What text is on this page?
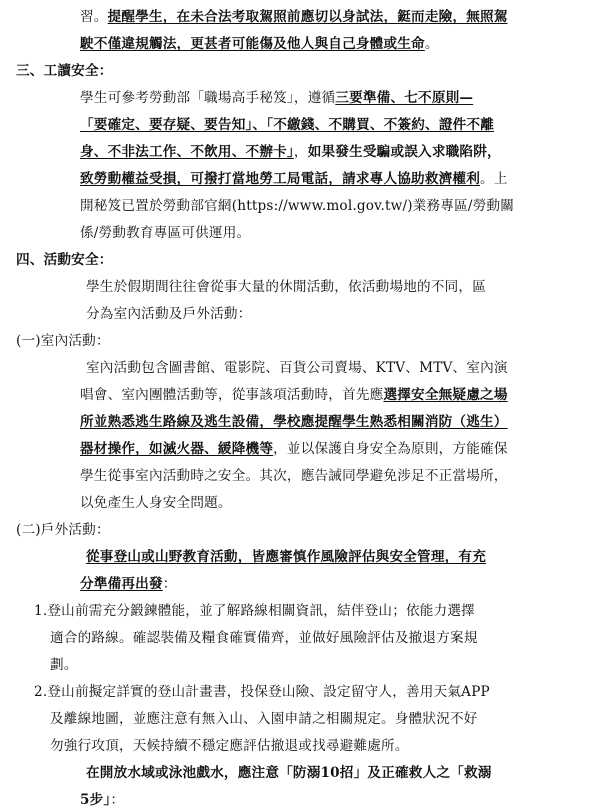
習。提醒學生，在未合法考取駕照前應切以身試法，鋌而走險，無照駕
駛不僅違規觸法，更甚者可能傷及他人與自己身體或生命。
三、工讀安全：
學生可參考勞動部「職場高手秘笈」，遵循三要準備、七不原則—
「要確定、要存疑、要告知」、「不繳錢、不購買、不簽約、證件不離
身、不非法工作、不飲用、不辦卡」，如果發生受騙或誤入求職陷阱，
致勞動權益受損，可撥打當地勞工局電話，請求專人協助救濟權利。上
開秘笈已置於勞動部官網(https://www.mol.gov.tw/)業務專區/勞動關
係/勞動教育專區可供運用。
四、活動安全：
學生於假期間往往會從事大量的休閒活動，依活動場地的不同，區
分為室內活動及戶外活動：
(一)室內活動：
室內活動包含圖書館、電影院、百貨公司賣場、KTV、MTV、室內演
唱會、室內團體活動等，從事該項活動時，首先應選擇安全無疑慮之場
所並熟悉逃生路線及逃生設備，學校應提醒學生熟悉相關消防（逃生）
器材操作，如滅火器、緩降機等，並以保護自身安全為原則，方能確保
學生從事室內活動時之安全。其次，應告誡同學避免涉足不正當場所，
以免產生人身安全問題。
(二)戶外活動：
從事登山或山野教育活動，皆應審慎作風險評估與安全管理，有充
分準備再出發：
1.登山前需充分鍛鍊體能，並了解路線相關資訊，結伴登山；依能力選擇
適合的路線。確認裝備及糧食確實備齊，並做好風險評估及撤退方案規
劃。
2.登山前擬定詳實的登山計畫書，投保登山險、設定留守人，善用天氣APP
及離線地圖，並應注意有無入山、入園申請之相關規定。身體狀況不好
勿強行攻頂，天候持續不穩定應評估撤退或找尋避難處所。
在開放水域或泳池戲水，應注意「防溺10招」及正確救人之「救溺
5步」：
